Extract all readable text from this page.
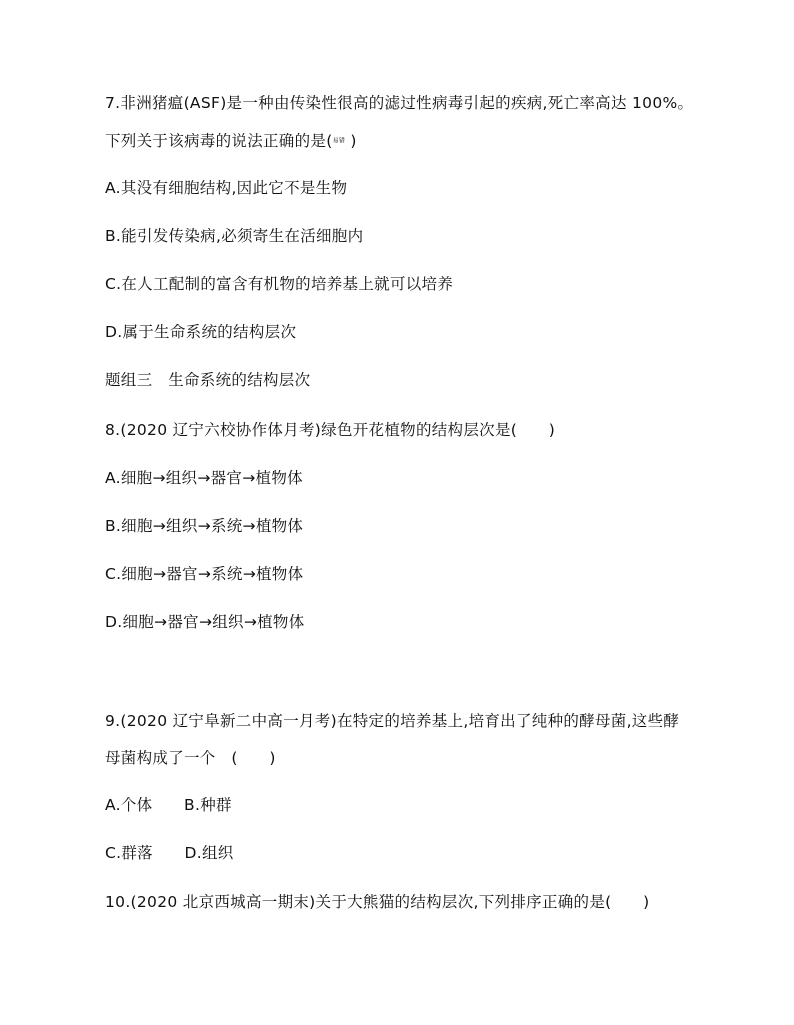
7.非洲猪瘟(ASF)是一种由传染性很高的滤过性病毒引起的疾病,死亡率高达 100%。
下列关于该病毒的说法正确的是(易错 )
A.其没有细胞结构,因此它不是生物
B.能引发传染病,必须寄生在活细胞内
C.在人工配制的富含有机物的培养基上就可以培养
D.属于生命系统的结构层次
题组三　生命系统的结构层次
8.(2020 辽宁六校协作体月考)绿色开花植物的结构层次是(　　)
A.细胞→组织→器官→植物体
B.细胞→组织→系统→植物体
C.细胞→器官→系统→植物体
D.细胞→器官→组织→植物体
9.(2020 辽宁阜新二中高一月考)在特定的培养基上,培育出了纯种的酵母菌,这些酵
母菌构成了一个　(　　)
A.个体　　B.种群
C.群落　　D.组织
10.(2020 北京西城高一期末)关于大熊猫的结构层次,下列排序正确的是(　　)
